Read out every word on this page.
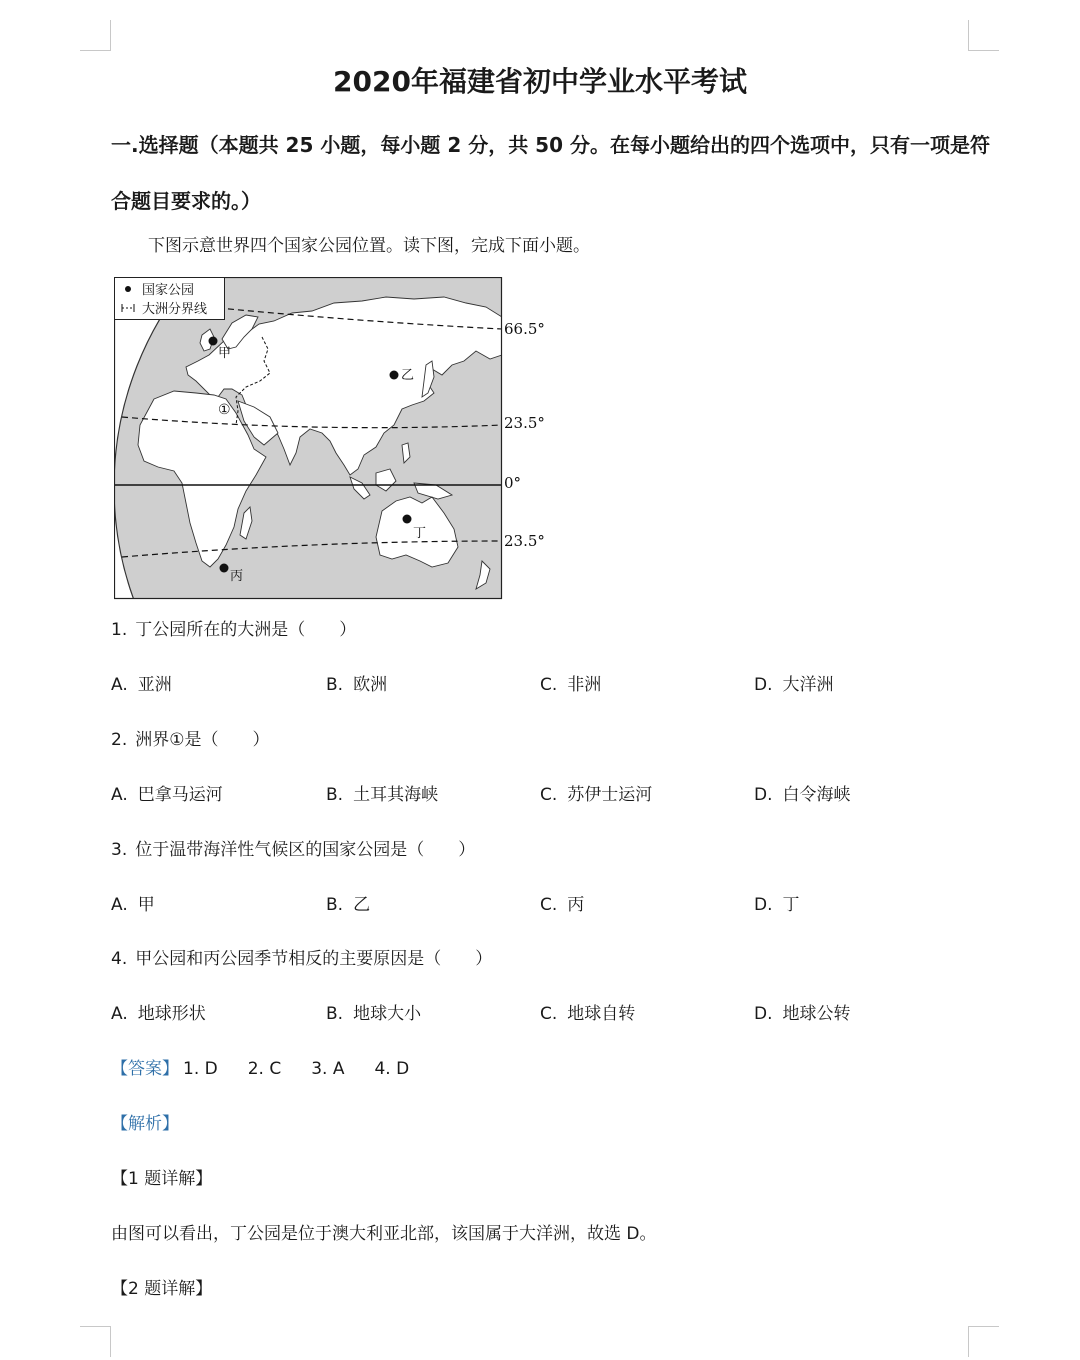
2020年福建省初中学业水平考试
一.选择题（本题共 25 小题，每小题 2 分，共 50 分。在每小题给出的四个选项中，只有一项是符合题目要求的。）
下图示意世界四个国家公园位置。读下图，完成下面小题。
国家公园
大洲分界线
甲
乙
丙
丁
①
66.5°
23.5°
0°
23.5°
1. 丁公园所在的大洲是（　　）
A. 亚洲	B. 欧洲	C. 非洲	D. 大洋洲
2. 洲界①是（　　）
A. 巴拿马运河	B. 土耳其海峡	C. 苏伊士运河	D. 白令海峡
3. 位于温带海洋性气候区的国家公园是（　　）
A. 甲	B. 乙	C. 丙	D. 丁
4. 甲公园和丙公园季节相反的主要原因是（　　）
A. 地球形状	B. 地球大小	C. 地球自转	D. 地球公转
【答案】 1. D 2. C 3. A 4. D
【解析】
【1 题详解】
由图可以看出，丁公园是位于澳大利亚北部，该国属于大洋洲，故选 D。
【2 题详解】
